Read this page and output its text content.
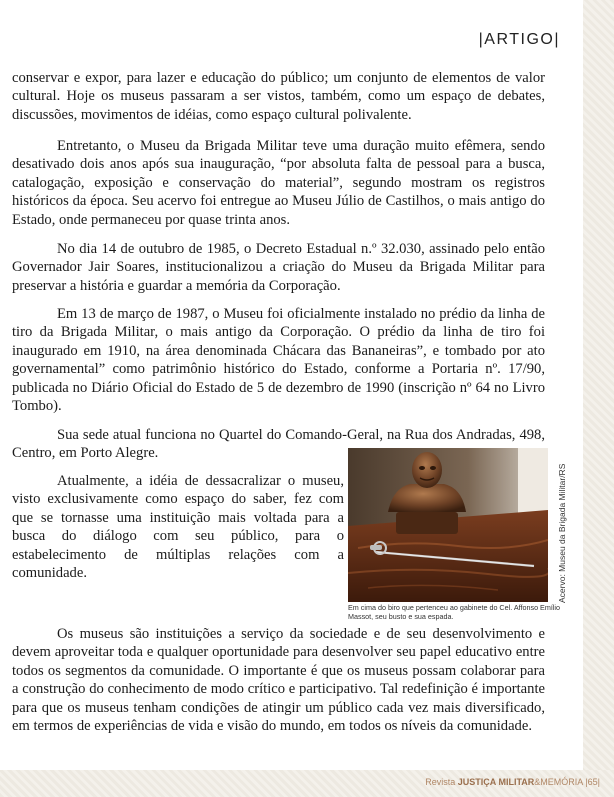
|ARTIGO|

conservar e expor, para lazer e educação do público; um conjunto de elementos de valor cultural. Hoje os museus passaram a ser vistos, também, como um espaço de debates, discussões, movimentos de idéias, como espaço cultural polivalente.

Entretanto, o Museu da Brigada Militar teve uma duração muito efêmera, sendo desativado dois anos após sua inauguração, “por absoluta falta de pessoal para a busca, catalogação, exposição e conservação do material”, segundo mostram os registros históricos da época. Seu acervo foi entregue ao Museu Júlio de Castilhos, o mais antigo do Estado, onde permaneceu por quase trinta anos.

No dia 14 de outubro de 1985, o Decreto Estadual n.º 32.030, assinado pelo então Governador Jair Soares, institucionalizou a criação do Museu da Brigada Militar para preservar a história e guardar a memória da Corporação.

Em 13 de março de 1987, o Museu foi oficialmente instalado no prédio da linha de tiro da Brigada Militar, o mais antigo da Corporação. O prédio da linha de tiro foi inaugurado em 1910, na área denominada Chácara das Bananeiras”, e tombado por ato governamental” como patrimônio histórico do Estado, conforme a Portaria nº. 17/90, publicada no Diário Oficial do Estado de 5 de dezembro de 1990 (inscrição nº 64 no Livro Tombo).

Sua sede atual funciona no Quartel do Comando-Geral, na Rua dos Andradas, 498, Centro, em Porto Alegre.

Atualmente, a idéia de dessacralizar o museu, visto exclusivamente como espaço do saber, fez com que se tornasse uma instituição mais voltada para a busca do diálogo com seu público, para o estabelecimento de múltiplas relações com a comunidade.

Os museus são instituições a serviço da sociedade e de seu desenvolvimento e devem aproveitar toda e qualquer oportunidade para desenvolver seu papel educativo entre todos os segmentos da comunidade. O importante é que os museus possam colaborar para a construção do conhecimento de modo crítico e participativo. Tal redefinição é importante para que os museus tenham condições de atingir um público cada vez mais diversificado, em termos de experiências de vida e visão do mundo, em todos os níveis da comunidade.

Acervo: Museu da Brigada Militar/RS
Em cima do biro que pertenceu ao gabinete do Cel. Affonso Emílio Massot, seu busto e sua espada.
Revista JUSTIÇA MILITAR&MEMÓRIA |65|
